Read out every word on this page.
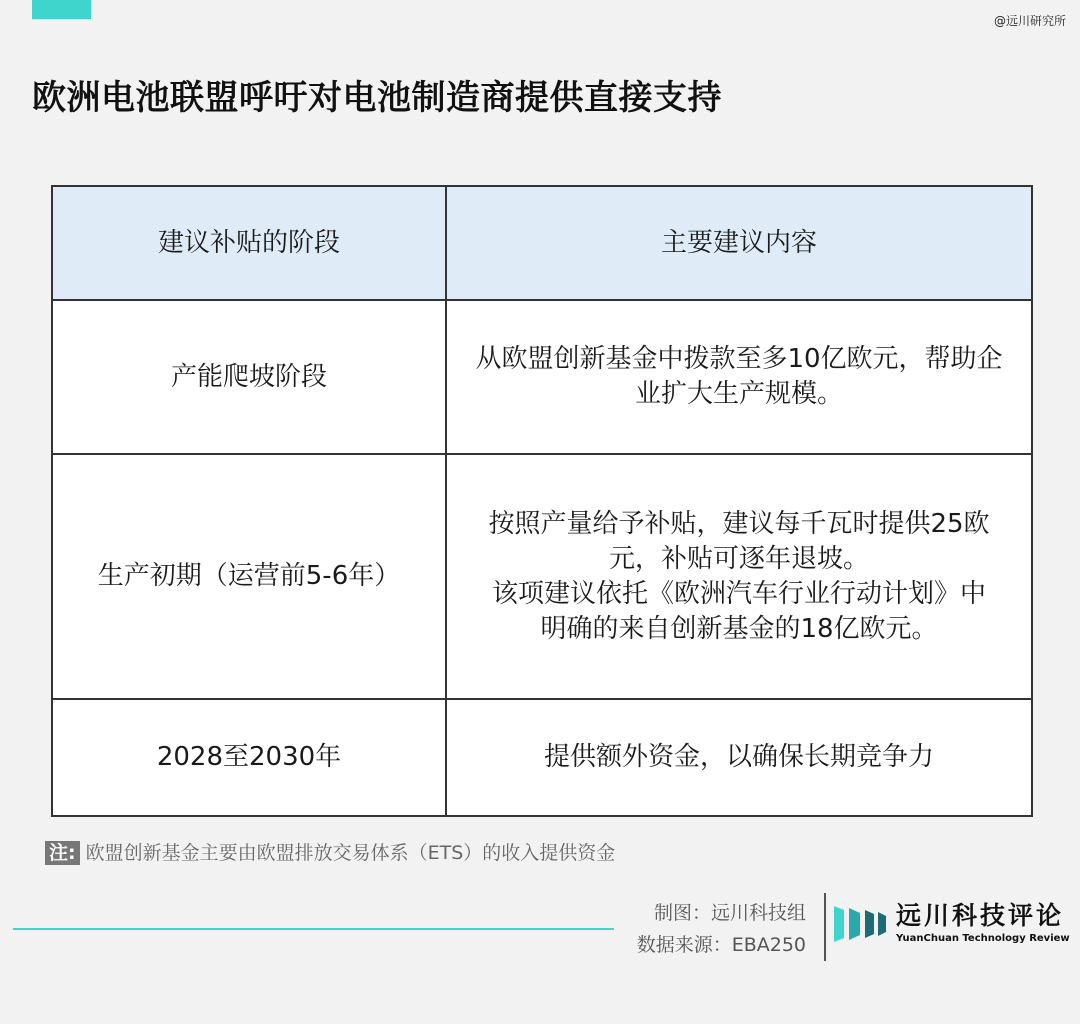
@远川研究所
欧洲电池联盟呼吁对电池制造商提供直接支持
建议补贴的阶段	主要建议内容
产能爬坡阶段	从欧盟创新基金中拨款至多10亿欧元，帮助企
业扩大生产规模。

生产初期（运营前5-6年）	按照产量给予补贴，建议每千瓦时提供25欧
元，补贴可逐年退坡。
该项建议依托《欧洲汽车行业行动计划》中
明确的来自创新基金的18亿欧元。

2028至2030年	提供额外资金，以确保长期竞争力
注: 欧盟创新基金主要由欧盟排放交易体系（ETS）的收入提供资金
制图：远川科技组
数据来源：EBA250
远川科技评论
YuanChuan Technology Review
